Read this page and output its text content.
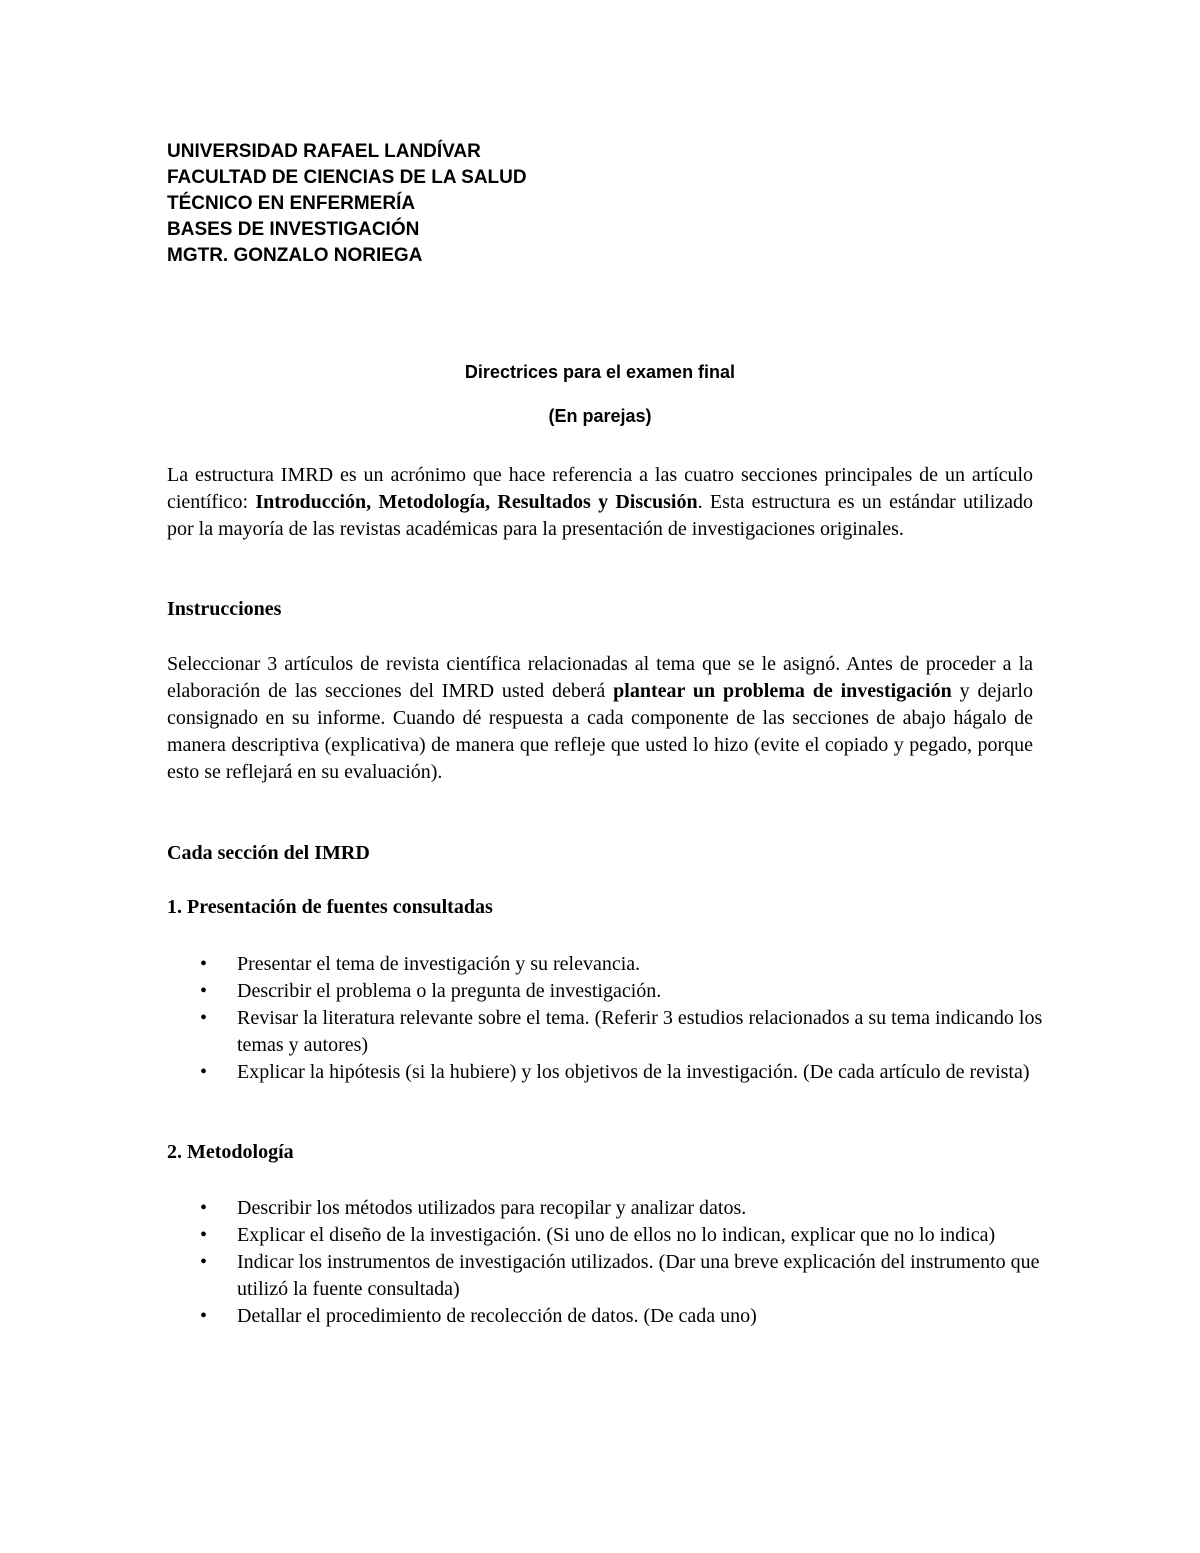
UNIVERSIDAD RAFAEL LANDÍVAR
FACULTAD DE CIENCIAS DE LA SALUD
TÉCNICO EN ENFERMERÍA
BASES DE INVESTIGACIÓN
MGTR. GONZALO NORIEGA
Directrices para el examen final
(En parejas)

La estructura IMRD es un acrónimo que hace referencia a las cuatro secciones principales de un artículo científico: Introducción, Metodología, Resultados y Discusión. Esta estructura es un estándar utilizado por la mayoría de las revistas académicas para la presentación de investigaciones originales.

Instrucciones

Seleccionar 3 artículos de revista científica relacionadas al tema que se le asignó. Antes de proceder a la elaboración de las secciones del IMRD usted deberá plantear un problema de investigación y dejarlo consignado en su informe. Cuando dé respuesta a cada componente de las secciones de abajo hágalo de manera descriptiva (explicativa) de manera que refleje que usted lo hizo (evite el copiado y pegado, porque esto se reflejará en su evaluación).

Cada sección del IMRD
1. Presentación de fuentes consultadas
• Presentar el tema de investigación y su relevancia.
• Describir el problema o la pregunta de investigación.
• Revisar la literatura relevante sobre el tema. (Referir 3 estudios relacionados a su tema indicando los temas y autores)
• Explicar la hipótesis (si la hubiere) y los objetivos de la investigación. (De cada artículo de revista)
2. Metodología
• Describir los métodos utilizados para recopilar y analizar datos.
• Explicar el diseño de la investigación. (Si uno de ellos no lo indican, explicar que no lo indica)
• Indicar los instrumentos de investigación utilizados. (Dar una breve explicación del instrumento que utilizó la fuente consultada)
• Detallar el procedimiento de recolección de datos. (De cada uno)
